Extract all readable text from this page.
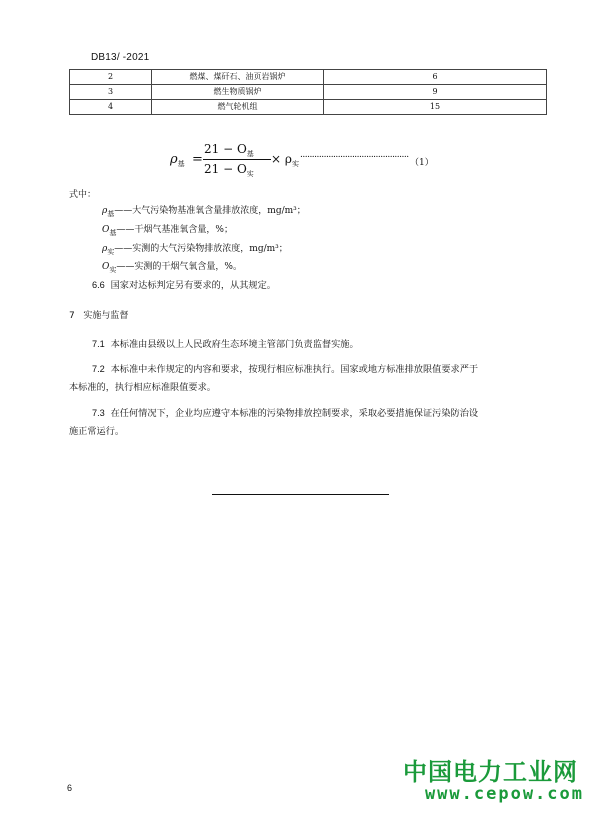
DB13/ -2021
2	燃煤、煤矸石、油页岩锅炉	6
3	燃生物质锅炉	9
4	燃气轮机组	15
$\rho_基$ =
$21 - O_基$
$21 - O_实$
× $\rho_实$
..............................................
（1）
式中：
$\rho_基——$大气污染物基准氧含量排放浓度，mg/m³；
$O_基——$干烟气基准氧含量，%；
$\rho_实——$实测的大气污染物排放浓度，mg/m³；
$O_实——$实测的干烟气氧含量，%。
6.6 国家对达标判定另有要求的，从其规定。
7 实施与监督
7.1 本标准由县级以上人民政府生态环境主管部门负责监督实施。
7.2 本标准中未作规定的内容和要求，按现行相应标准执行。国家或地方标准排放限值要求严于
本标准的，执行相应标准限值要求。
7.3 在任何情况下，企业均应遵守本标准的污染物排放控制要求，采取必要措施保证污染防治设
施正常运行。
中国电力工业网
www.cepow.com
6
